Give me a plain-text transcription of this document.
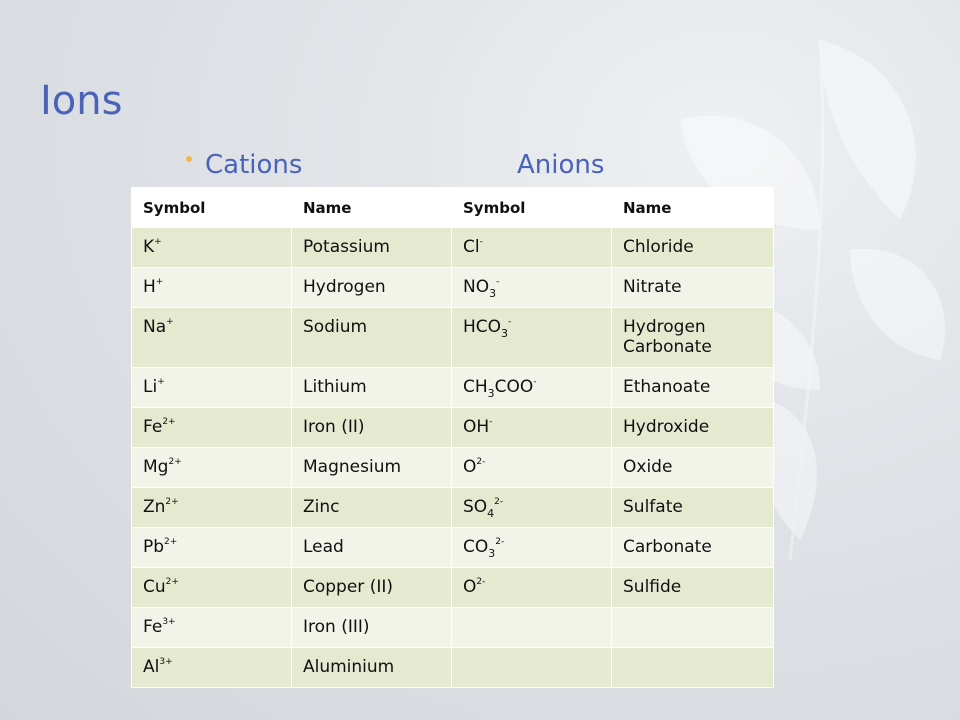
Ions
Cations	Anions
Symbol	Name	Symbol	Name
K+	Potassium	Cl-	Chloride
H+	Hydrogen	$NO_3^-$	Nitrate
Na+	Sodium	$HCO_3^-$	Hydrogen Carbonate
Li+	Lithium	$CH_3COO^-$	Ethanoate
$Fe^{2+}$	Iron (II)	OH-	Hydroxide
$Mg^{2+}$	Magnesium	$O^{2-}$	Oxide

$Zn^{2+}$	Zinc	$SO_4^{2-}$	Sulfate
$Pb^{2+}$	Lead	$CO_3^{2-}$	Carbonate
$Cu^{2+}$	Copper (II)	$O^{2-}$	Sulfide
$Fe^{3+}$	Iron (III)		
$Al^{3+}$	Aluminium		
